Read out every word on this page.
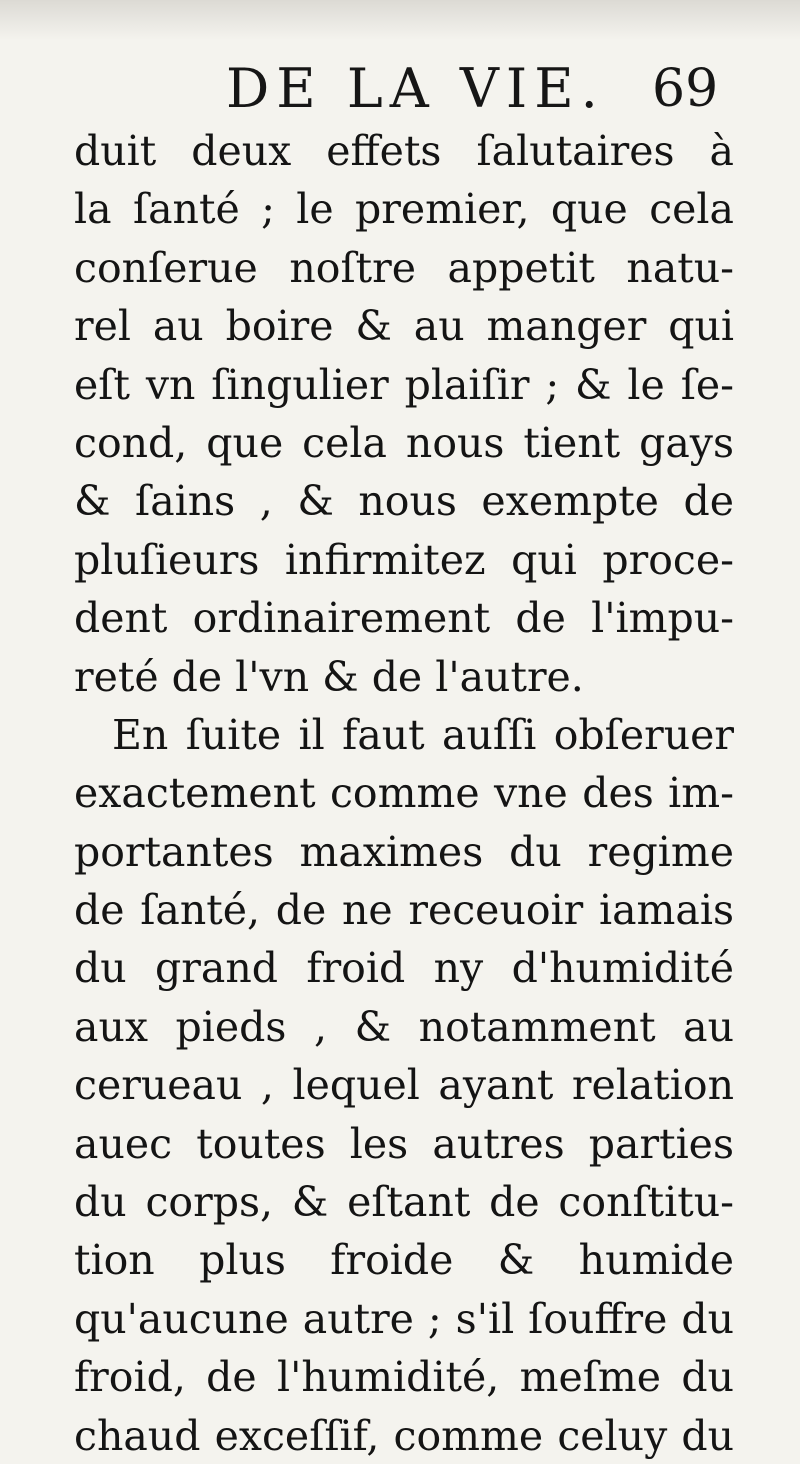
DE LA VIE. 69
duit deux effets ſalutaires à
la ſanté ; le premier, que cela
conſerue noſtre appetit natu-
rel au boire & au manger qui
eſt vn ſingulier plaiſir ; & le ſe-
cond, que cela nous tient gays
& ſains , & nous exempte de
pluſieurs infirmitez qui proce-
dent ordinairement de l'impu-
reté de l'vn & de l'autre.
En ſuite il faut auſſi obſeruer
exactement comme vne des im-
portantes maximes du regime
de ſanté, de ne receuoir iamais
du grand froid ny d'humidité
aux pieds , & notamment au
cerueau , lequel ayant relation
auec toutes les autres parties
du corps, & eſtant de conſtitu-
tion plus froide & humide
qu'aucune autre ; s'il ſouffre du
froid, de l'humidité, meſme du
chaud exceſſif, comme celuy du
